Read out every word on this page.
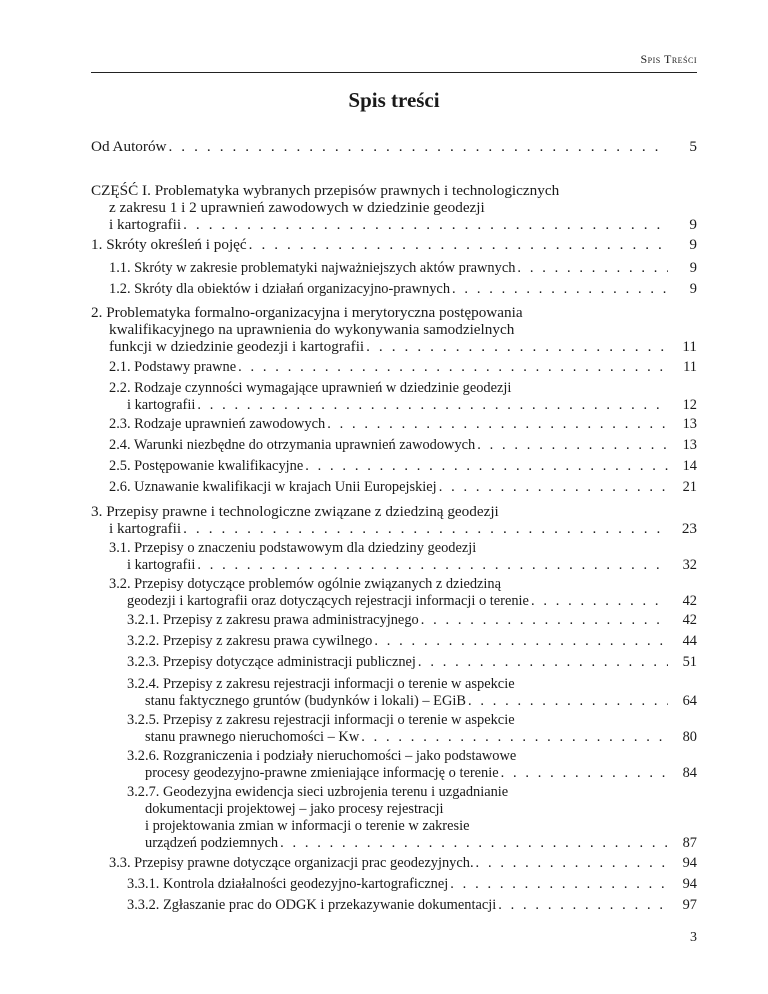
Spis Treści
Spis treści
Od Autorów . . .	5
CZĘŚĆ I. Problematyka wybranych przepisów prawnych i technologicznych
z zakresu 1 i 2 uprawnień zawodowych w dziedzinie geodezji
i kartografii . . .	9
1. Skróty określeń i pojęć . . .	9
1.1. Skróty w zakresie problematyki najważniejszych aktów prawnych . . .	9
1.2. Skróty dla obiektów i działań organizacyjno-prawnych . . .	9
2. Problematyka formalno-organizacyjna i merytoryczna postępowania
kwalifikacyjnego na uprawnienia do wykonywania samodzielnych
funkcji w dziedzinie geodezji i kartografii . . .	11
2.1. Podstawy prawne . . .	11
2.2. Rodzaje czynności wymagające uprawnień w dziedzinie geodezji
i kartografii . . .	12
2.3. Rodzaje uprawnień zawodowych . . .	13
2.4. Warunki niezbędne do otrzymania uprawnień zawodowych . . .	13
2.5. Postępowanie kwalifikacyjne . . .	14
2.6. Uznawanie kwalifikacji w krajach Unii Europejskiej . . .	21
3. Przepisy prawne i technologiczne związane z dziedziną geodezji
i kartografii . . .	23
3.1. Przepisy o znaczeniu podstawowym dla dziedziny geodezji
i kartografii . . .	32
3.2. Przepisy dotyczące problemów ogólnie związanych z dziedziną
geodezji i kartografii oraz dotyczących rejestracji informacji o terenie . . .	42
3.2.1. Przepisy z zakresu prawa administracyjnego . . .	42
3.2.2. Przepisy z zakresu prawa cywilnego . . .	44
3.2.3. Przepisy dotyczące administracji publicznej . . .	51
3.2.4. Przepisy z zakresu rejestracji informacji o terenie w aspekcie
stanu faktycznego gruntów (budynków i lokali) – EGiB . . .	64
3.2.5. Przepisy z zakresu rejestracji informacji o terenie w aspekcie
stanu prawnego nieruchomości – Kw . . .	80
3.2.6. Rozgraniczenia i podziały nieruchomości – jako podstawowe
procesy geodezyjno-prawne zmieniające informację o terenie . . .	84
3.2.7. Geodezyjna ewidencja sieci uzbrojenia terenu i uzgadnianie
dokumentacji projektowej – jako procesy rejestracji
i projektowania zmian w informacji o terenie w zakresie
urządzeń podziemnych . . .	87
3.3. Przepisy prawne dotyczące organizacji prac geodezyjnych. . . .	94
3.3.1. Kontrola działalności geodezyjno-kartograficznej . . .	94
3.3.2. Zgłaszanie prac do ODGK i przekazywanie dokumentacji . . .	97
3
